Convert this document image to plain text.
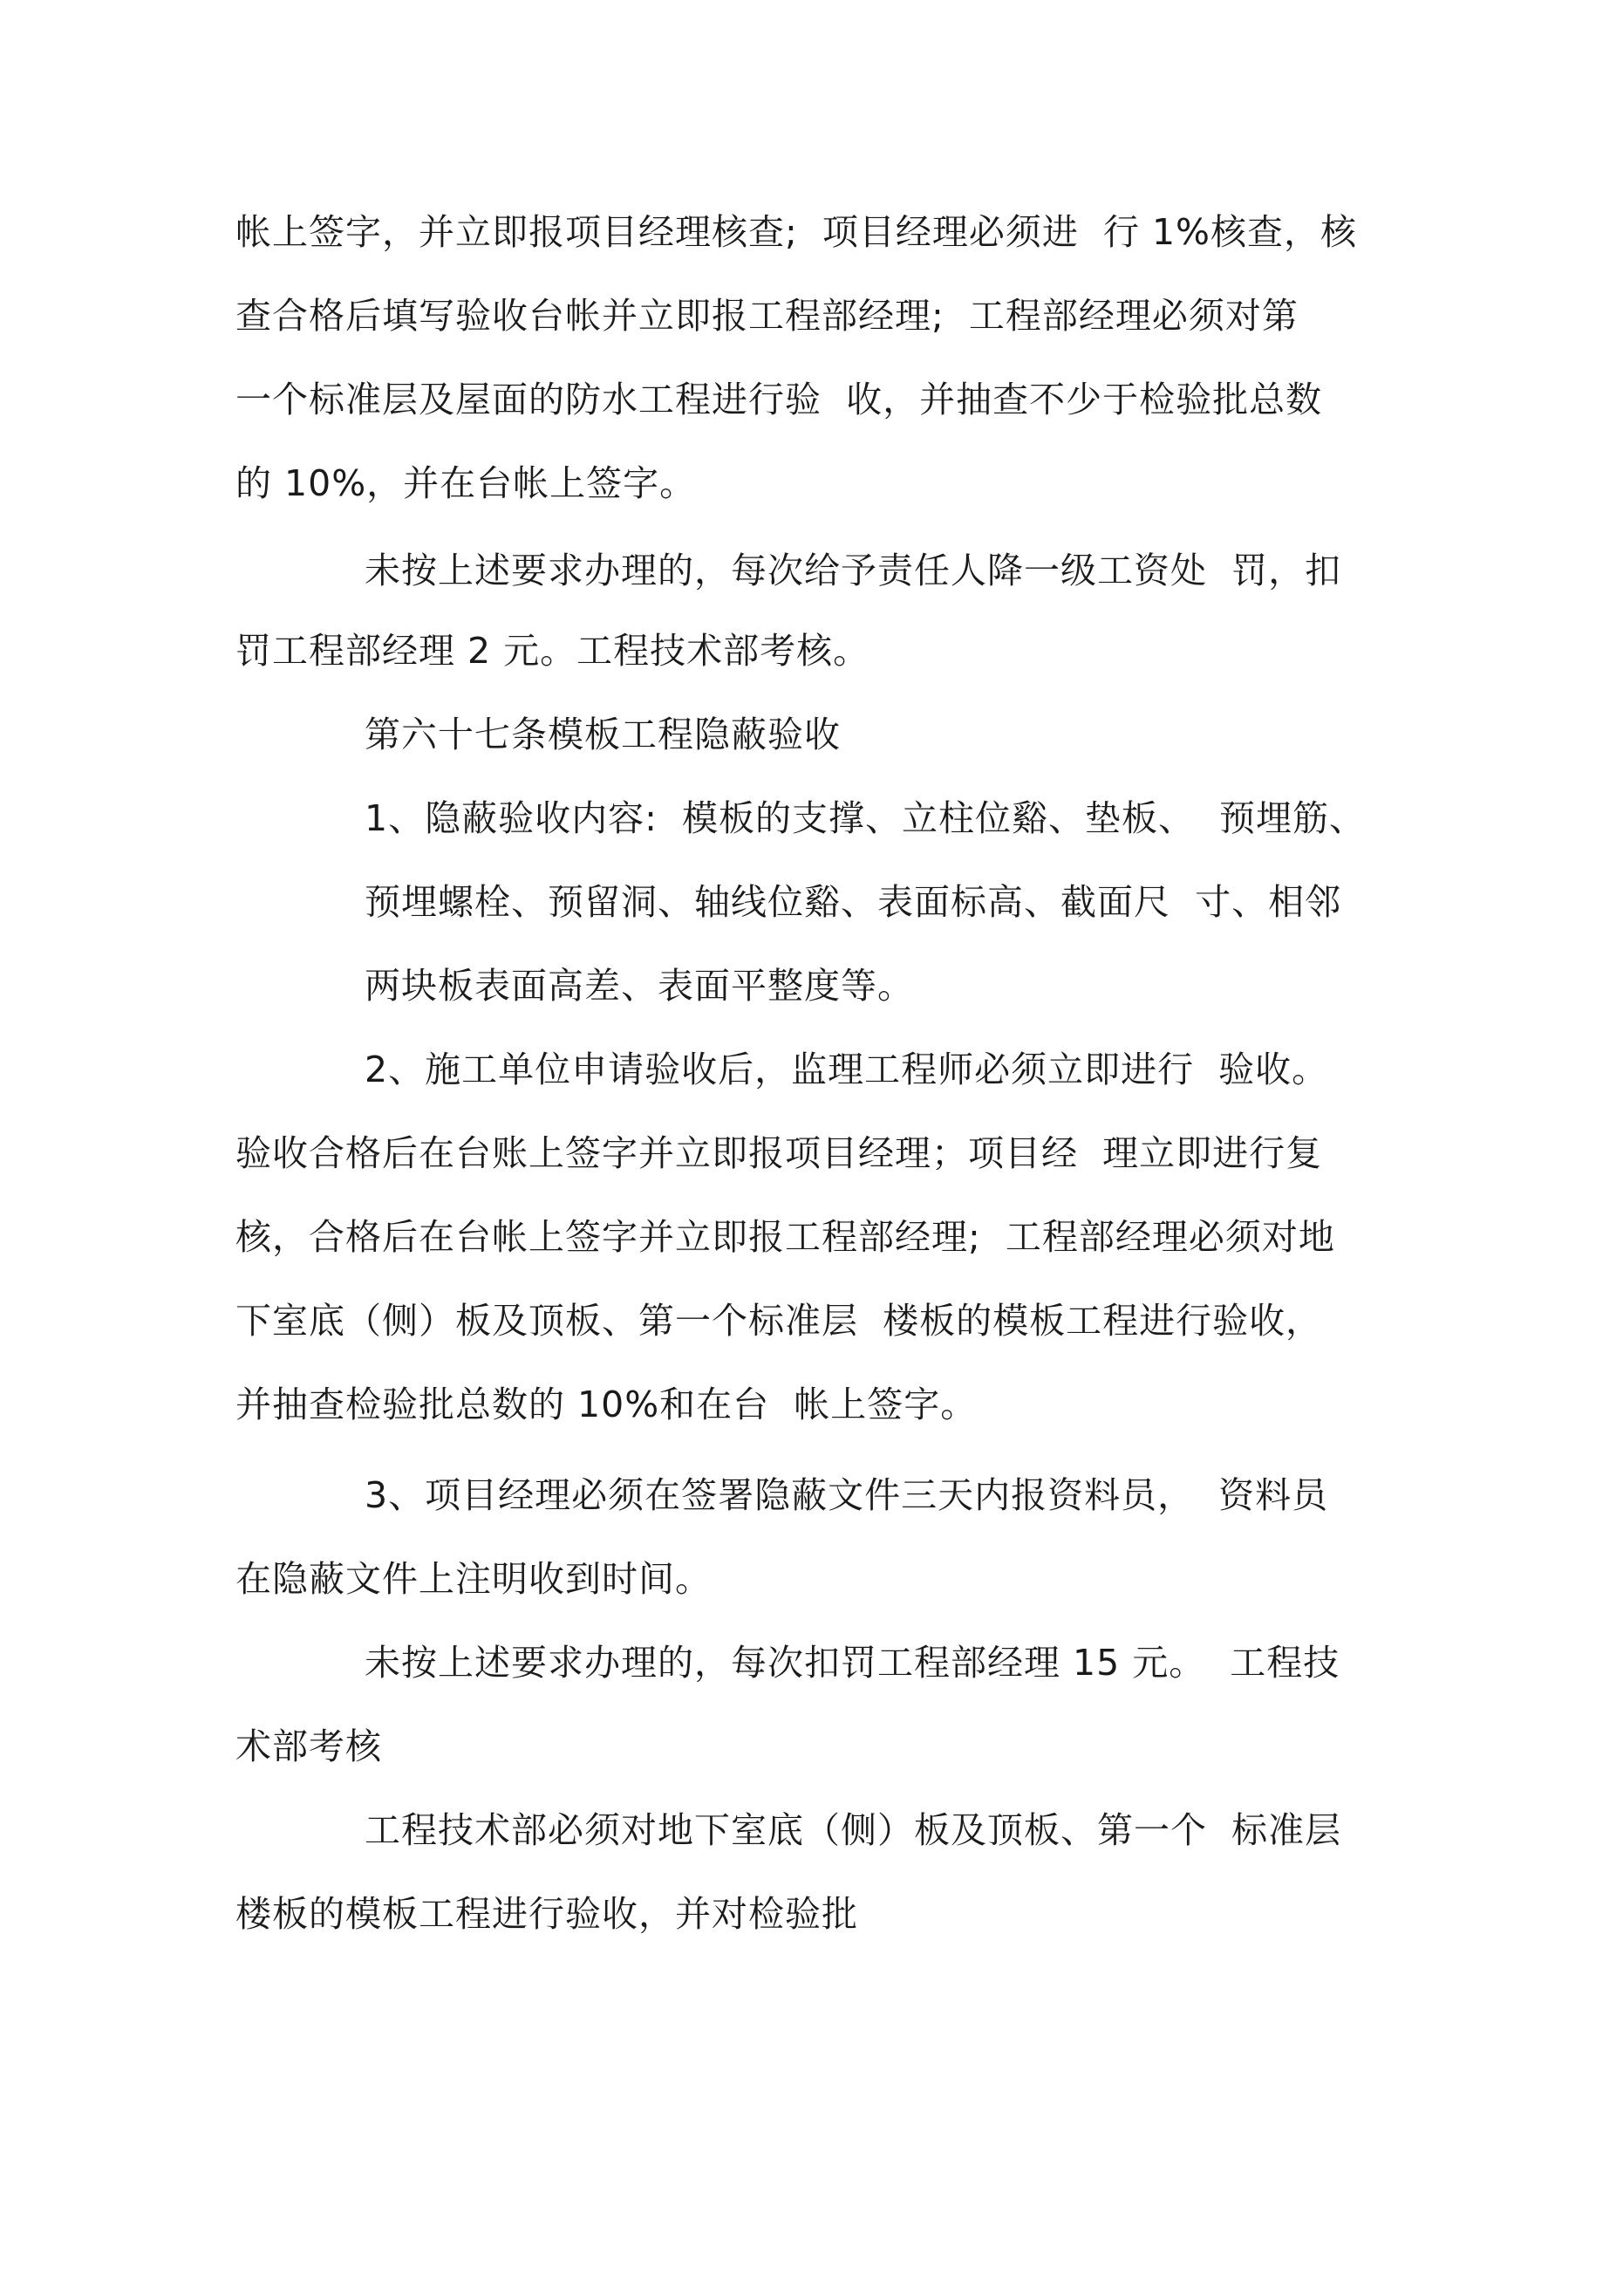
帐上签字，并立即报项目经理核查;  项目经理必须进  行 1%核查，核

查合格后填写验收台帐并立即报工程部经理;  工程部经理必须对第

一个标准层及屋面的防水工程进行验  收，并抽查不少于检验批总数

的 10%，并在台帐上签字。

未按上述要求办理的，每次给予责任人降一级工资处  罚，扣

罚工程部经理 2 元。工程技术部考核。

第六十七条模板工程隐蔽验收

1、隐蔽验收内容:  模板的支撑、立柱位谿、垫板、  预埋筋、

预埋螺栓、预留洞、轴线位谿、表面标高、截面尺  寸、相邻

两块板表面高差、表面平整度等。

2、施工单位申请验收后，监理工程师必须立即进行  验收。

验收合格后在台账上签字并立即报项目经理；项目经  理立即进行复

核，合格后在台帐上签字并立即报工程部经理;  工程部经理必须对地

下室底（侧）板及顶板、第一个标准层  楼板的模板工程进行验收，

并抽查检验批总数的 10%和在台  帐上签字。

3、项目经理必须在签署隐蔽文件三天内报资料员，  资料员

在隐蔽文件上注明收到时间。

未按上述要求办理的，每次扣罚工程部经理 15 元。  工程技

术部考核

工程技术部必须对地下室底（侧）板及顶板、第一个  标准层

楼板的模板工程进行验收，并对检验批
